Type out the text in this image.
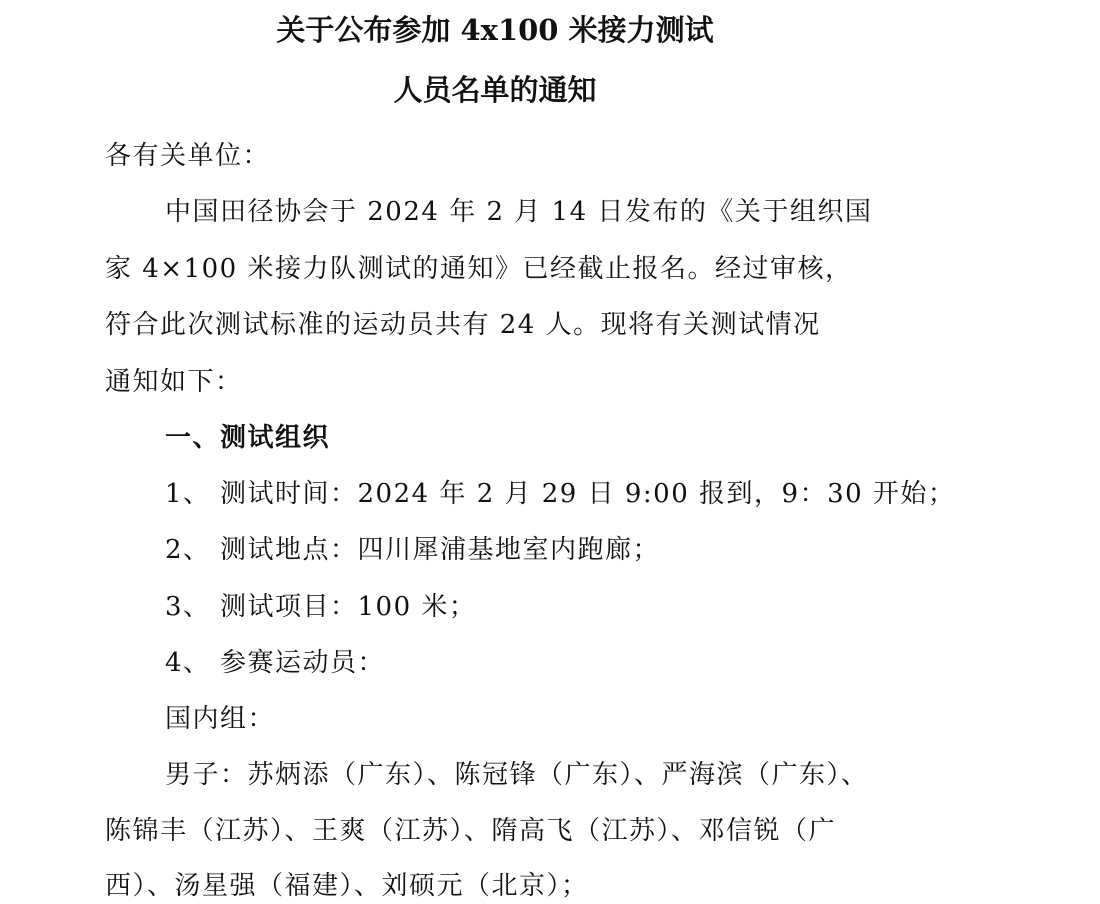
关于公布参加 4x100 米接力测试
人员名单的通知
各有关单位：
中国田径协会于 2024 年 2 月 14 日发布的《关于组织国
家 4×100 米接力队测试的通知》已经截止报名。经过审核，
符合此次测试标准的运动员共有 24 人。现将有关测试情况
通知如下：
一、测试组织
1、 测试时间：2024 年 2 月 29 日 9:00 报到，9：30 开始；
2、 测试地点：四川犀浦基地室内跑廊；
3、 测试项目：100 米；
4、 参赛运动员：
国内组：
男子：苏炳添（广东）、陈冠锋（广东）、严海滨（广东）、
陈锦丰（江苏）、王爽（江苏）、隋高飞（江苏）、邓信锐（广
西）、汤星强（福建）、刘硕元（北京）；
